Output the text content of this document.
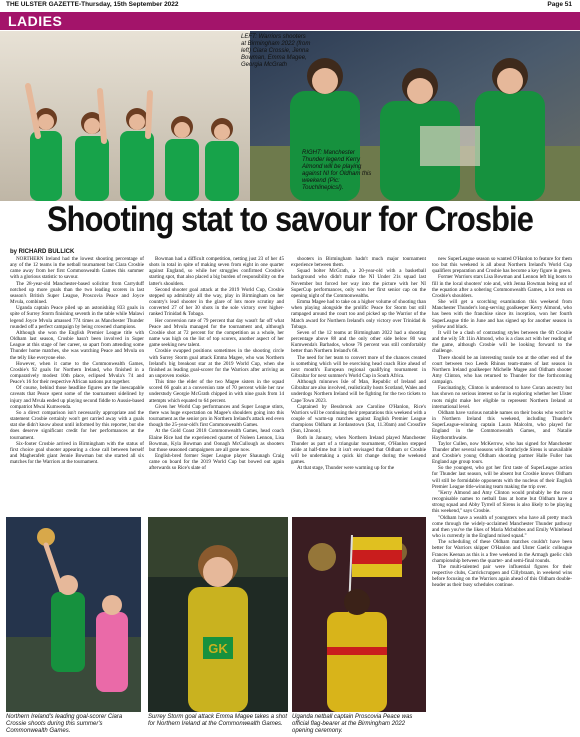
THE ULSTER GAZETTE-Thursday, 15th September 2022	Page 51
LADIES
LEFT: Warriors shooters at Birmingham 2022 (from left) Ciara Crossie, Jenna Bowman, Emma Magee, Georgia McGrath
RIGHT: Manchester Thunder legend Kerry Almond will be playing against NI for Oldham this weekend (Pic: TouchlinepicsI).
Shooting stat to savour for Crosbie
by RICHARD BULLICK

NORTHERN Ireland had the lowest shooting percentage of any of the 12 teams in the netball tournament but Ciara Crosbie came away from her first Commonwealth Games this summer with a glorious statistic to savour.

The 28-year-old Manchester-based solicitor from Carryduff notched up more goals than the two leading scorers in last season's British Super League, Proscovia Peace and Joyce Mvula, combined.

Uganda captain Peace piled up an astonishing 833 goals in spite of Surrey Storm finishing seventh in the table while Malawi legend Joyce Mvula amassed 774 times as Manchester Thunder rounded off a perfect campaign by being crowned champions.

Although she won the English Premier League title with Oldham last season, Crosbie hasn't been involved in Super League at this stage of her career, so apart from attending some Thunder home matches, she was watching Peace and Mvula on the telly like everyone else.

However, when it came to the Commonwealth Games, Crosbie's 92 goals for Northern Ireland, who finished in a comparatively modest 10th place, eclipsed Mvula's 74 and Peace's 16 for their respective African nations put together.

Of course, behind those headline figures are the inescapable caveats that Peace spent some of the tournament sidelined by injury and Mvula ended up playing second fiddle to Aussie-based compatriot Mwai Kumwenda.

So a direct comparison isn't necessarily appropriate and the statement Crosbie certainly won't get carried away with a goals stat she didn't know about until informed by this reporter, but she does deserve significant credit for her performances at the tournament.

Six-footer Crosbie arrived in Birmingham with the status of first choice goal shooter appearing a close call between herself and Magherafelt giant Jennie Bowman but she started all six matches for the Warriors at the tournament.

Bowman had a difficult competition, netting just 23 of her 45 shots in total in spite of making seven from eight in one quarter against England, so while her struggles confirmed Crosbie's starting spot, that also placed a big burden of responsibility on the latter's shoulders.

Second shooter goal attack at the 2019 World Cup, Crosbie stepped up admirably all the way, play in Birmingham on her country's lead shooter in the glare of lots more scrutiny and converted 27 of her 30 shots in the sole victory over higher-ranked Trinidad & Tobago.

Her conversion rate of 79 percent that day wasn't far off what Peace and Mvula managed for the tournament and, although Crosbie shot at 72 percent for the competition as a whole, her name was high on the list of top scorers, another aspect of her game seeking new talent.

Crosbie swapped positions sometimes in the shooting circle with Surrey Storm goal attack Emma Magee, who was Northern Ireland's big breakout star at the 2019 World Cup, when she finished as leading goal-scorer for the Warriors after arriving as an unproven rookie.

This time the elder of the two Magee sisters in the squad scored 66 goals at a conversion rate of 70 percent while her raw understudy Georgie McGrath chipped in with nine goals from 14 attempts which equated to 64 percent.

Given her World Cup performances and Super League stints, there was huge expectation on Magee's shoulders going into this tournament as the senior pro in Northern Ireland's attack end even though the 25-year-old's first Commonwealth Games.

At the Gold Coast 2018 Commonwealth Games, head coach Elaine Rice had the experienced quartet of Noleen Lennon, Lisa Bowman, Kyla Bowman and Oonagh McCullough as shooters but those seasoned campaigners are all gone now.

English-bred former Super League player Shaunagh Craig came on board for the 2019 World Cup but bowed out again afterwards so Rice's slate of

shooters in Birmingham hadn't much major tournament experience between them.

Squad bolter McGrath, a 20-year-old with a basketball background who didn't make the NI Under 21s squad last November but forced her way into the picture with her NI SuperCup performances, only won her first senior cap on the opening night of the Commonwealths.

Emma Magee had to take on a higher volume of shooting than when playing alongside the prolific Peace for Storm but still rampaged around the court too and picked up the Warrior of the Match award for Northern Ireland's only victory over Trinidad & Tobago.

Seven of the 12 teams at Birmingham 2022 had a shooting percentage above 88 and the only other side below 80 was Kumwenda's Barbados, whose 76 percent was still comfortably better than Northern Ireland's 68.

The need for her team to convert more of the chances created is something which will be exercising head coach Rice ahead of next month's European regional qualifying tournament in Gibraltar for next summer's World Cup in South Africa.

Although minnows Isle of Man, Republic of Ireland and Gibraltar are also involved, realistically hosts Scotland, Wales and underdogs Northern Ireland will be fighting for the two tickets to Cape Town 2023.

Captained by Bessbrook ace Caroline O'Hanlon, Rice's Warriors will be continuing their preparations this weekend with a couple of warm-up matches against English Premier League champions Oldham at Jordanstown (Sat, 11.30am) and Crossfire (Sun, 12noon).

Both in January, when Northern Ireland played Manchester Thunder as part of a triangular tournament, O'Hanlon stepped aside at half-time but it isn't envisaged that Oldham or Crosbie will be undertaking a quick kit change during the weekend games.

At that stage, Thunder were warming up for the

new SuperLeague season so wanted O'Hanlon to feature for them too but this weekend is all about Northern Ireland's World Cup qualifiers preparation and Crosbie has become a key figure in green.

Former Warriors stars Lisa Bowman and Lennon left big boots to fill in the local shooters' role and, with Jenna Bowman being out of the equation after a sobering Commonwealth Games, a lot rests on Crosbie's shoulders.

She will get a scorching examination this weekend from Manchester Thunder's long-serving goalkeeper Kerry Almond, who has been with the franchise since its inception, won her fourth SuperLeague title in June and has signed up for another season in yellow and black.

It will be a clash of contrasting styles between the 6ft Crosbie and the wily 5ft 11in Almond, who is a class act with her reading of the game, although Crosbie will be looking forward to the challenge.

There should be an interesting tussle too at the other end of the court between two Leeds Rhinos team-mates of last season in Northern Ireland goalkeeper Michelle Magee and Oldham shooter Amy Clinton, who has returned to Thunder for the forthcoming campaign.

Fascinatingly, Clinton is understood to have Coran ancestry but has shown no serious interest so far in exploring whether her Ulster roots might make her eligible to represent Northern Ireland at international level.

Oldham have various notable names on their books who won't be in Northern Ireland this weekend, including Thunder's SuperLeague-winning captain Laura Malcolm, who played for England in the Commonwealth Games, and Natalie Haythornthwaite.

Taylor Cullen, now McKerrow, who has signed for Manchester Thunder after several seasons with Strathclyde Sirens is unavailable and Crosbie's young Oldham shooting partner Halle Fuller has England age group tours.

So the youngest, who got her first taste of SuperLeague action for Thunder last season, will be absent but Crosbie knows Oldham will still be formidable opponents with the nucleus of their English Premier League title-winning team making the trip over.

"Kerry Almond and Amy Clinton would probably be the most recognisable names to netball fans at home but Oldham have a strong squad and Abby Tyrrell of Sirens is also likely to be playing this weekend," says Crosbie.

"Oldham have a wealth of youngsters who have all pretty much come through the widely-acclaimed Manchester Thunder pathway and then you've the likes of Maria Mcbubbes and Emily Whitehead who is currently in the England mixed squad."

The scheduling of these Oldham matches couldn't have been better for Warriors skipper O'Hanlon and Ulster Gaelic colleague Frances Keenan as this is a free weekend in the Armagh gaelic club championship between the quarter- and semi-final rounds.

The multi-talented pair were influential figures for their respective clubs, Carrickcruppen and Cillybraam, in weekend wins before focusing on the Warriors again ahead of this Oldham double-header as their busy schedules continue.

Northern Ireland's leading goal-scorer Ciara Crossie shoots during this summer's Commonwealth Games.
GK
Surrey Storm goal attack Emma Magee takes a shot for Northern Ireland at the Commonwealth Games.
Uganda netball captain Proscovia Peace was official flag-bearer at the Birmingham 2022 opening ceremony.
